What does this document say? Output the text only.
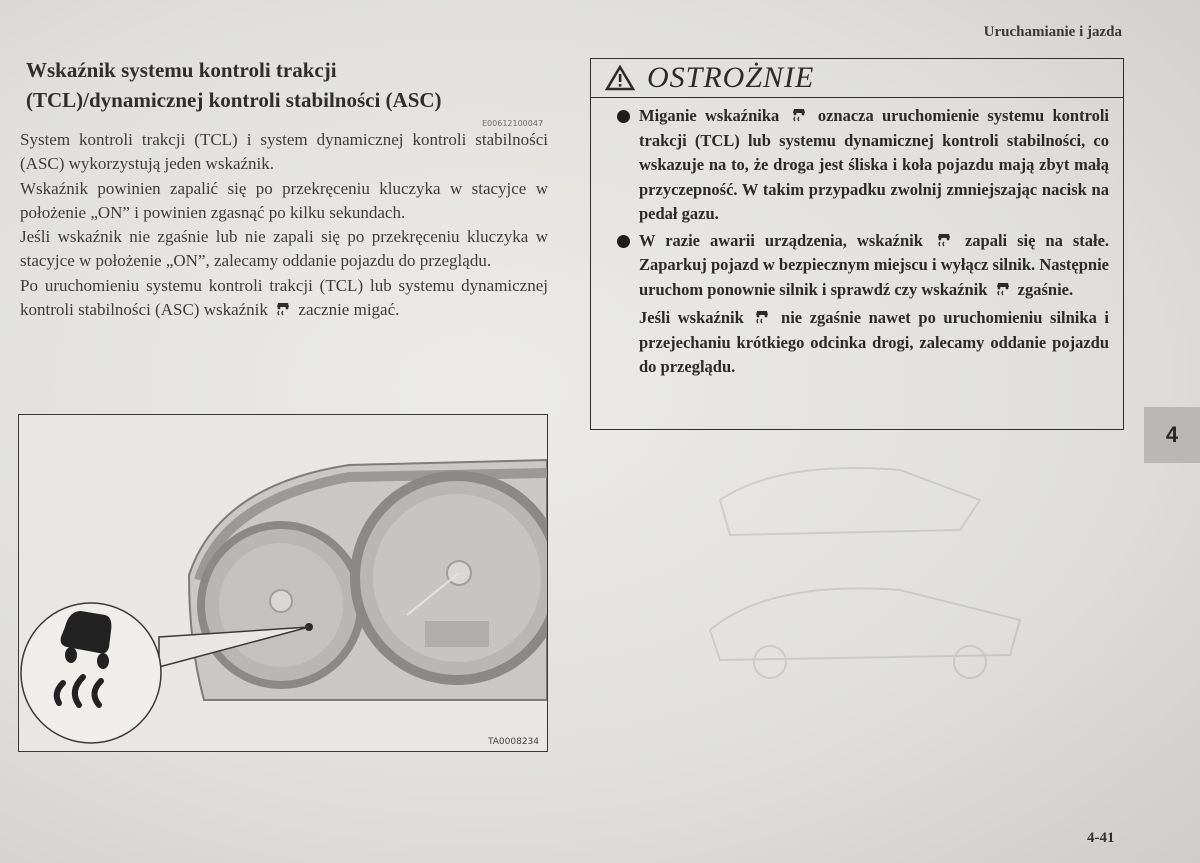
Uruchamianie i jazda
Wskaźnik systemu kontroli trakcji
(TCL)/dynamicznej kontroli stabilności (ASC)
E00612100047

System kontroli trakcji (TCL) i system dynamicznej kontroli stabilności (ASC) wykorzystują jeden wskaźnik.

Wskaźnik powinien zapalić się po przekręceniu kluczyka w stacyjce w położenie „ON” i powinien zgasnąć po kilku sekundach.

Jeśli wskaźnik nie zgaśnie lub nie zapali się po przekręceniu kluczyka w stacyjce w położenie „ON”, zalecamy oddanie pojazdu do przeglądu.

Po uruchomieniu systemu kontroli trakcji (TCL) lub systemu dynamicznej kontroli stabilności (ASC) wskaźnik zacznie migać.

TA0008234
OSTROŻNIE
Miganie wskaźnika oznacza uruchomienie systemu kontroli trakcji (TCL) lub systemu dynamicznej kontroli stabilności, co wskazuje na to, że droga jest śliska i koła pojazdu mają zbyt małą przyczepność. W takim przypadku zwolnij zmniejszając nacisk na pedał gazu.
W razie awarii urządzenia, wskaźnik	zapali się na stałe. Zaparkuj pojazd w bezpiecznym miejscu i wyłącz silnik. Następnie uruchom ponownie silnik i sprawdź czy wskaźnik zgaśnie.
Jeśli wskaźnik nie zgaśnie nawet po uruchomieniu silnika i przejechaniu krótkiego odcinka drogi, zalecamy oddanie pojazdu do przeglądu.
4
4-41
